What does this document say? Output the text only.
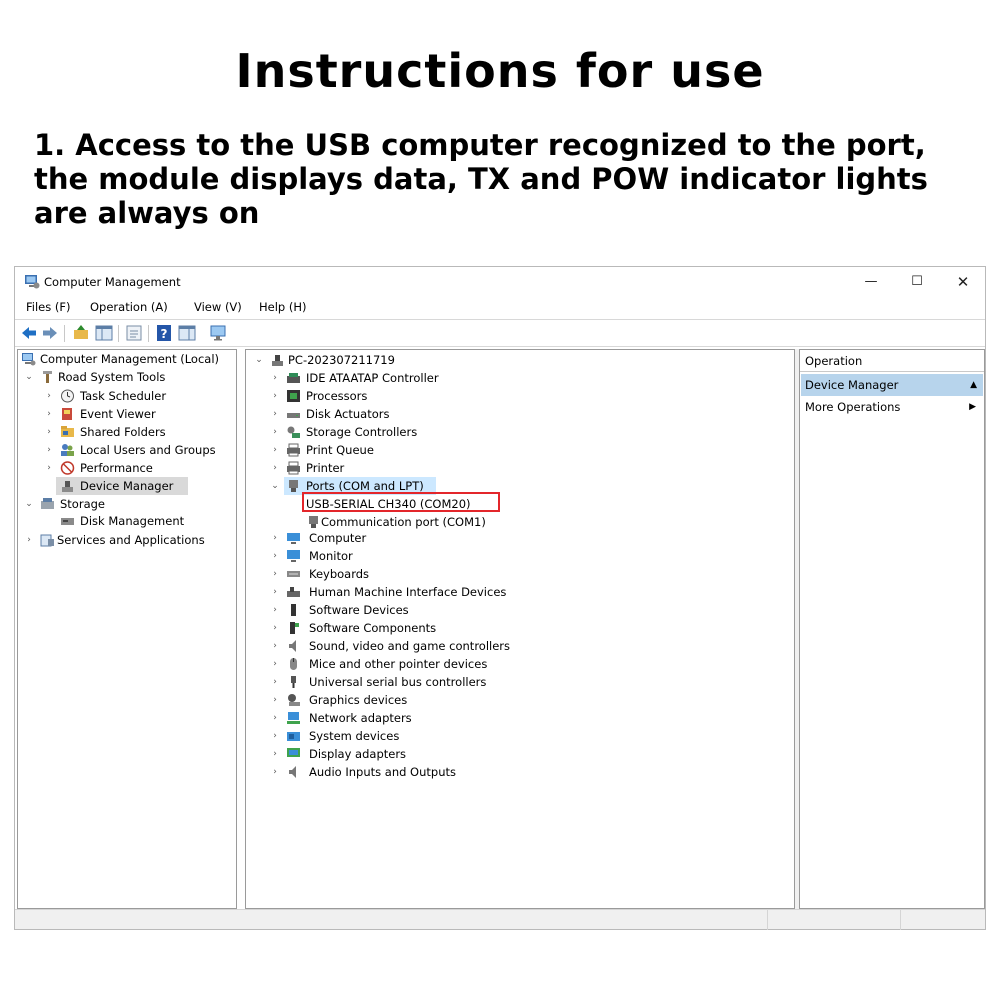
Instructions for use
1. Access to the USB computer recognized to the port, the module displays data, TX and POW indicator lights are always on
Computer Management	—	☐	✕
Files (F) Operation (A) View (V) Help (H)
?
Computer Management (Local)
⌄ Road System Tools
›	Task Scheduler
›	Event Viewer
›	Shared Folders
›	Local Users and Groups
›	Performance
Device Manager
⌄ Storage
Disk Management
› Services and Applications
⌄ PC-202307211719
›	IDE ATAATAP Controller
›	Processors
›	Disk Actuators
›	Storage Controllers
›	Print Queue
›	Printer
⌄ Ports (COM and LPT)
USB-SERIAL CH340 (COM20)
Communication port (COM1)
›	Computer
›	Monitor
›	Keyboards
›	Human Machine Interface Devices
›	Software Devices
›	Software Components
›	Sound, video and game controllers
›	Mice and other pointer devices
›	Universal serial bus controllers
›	Graphics devices
›	Network adapters
›	System devices
›	Display adapters
›	Audio Inputs and Outputs
Operation
Device Manager	▲
More Operations	▶
